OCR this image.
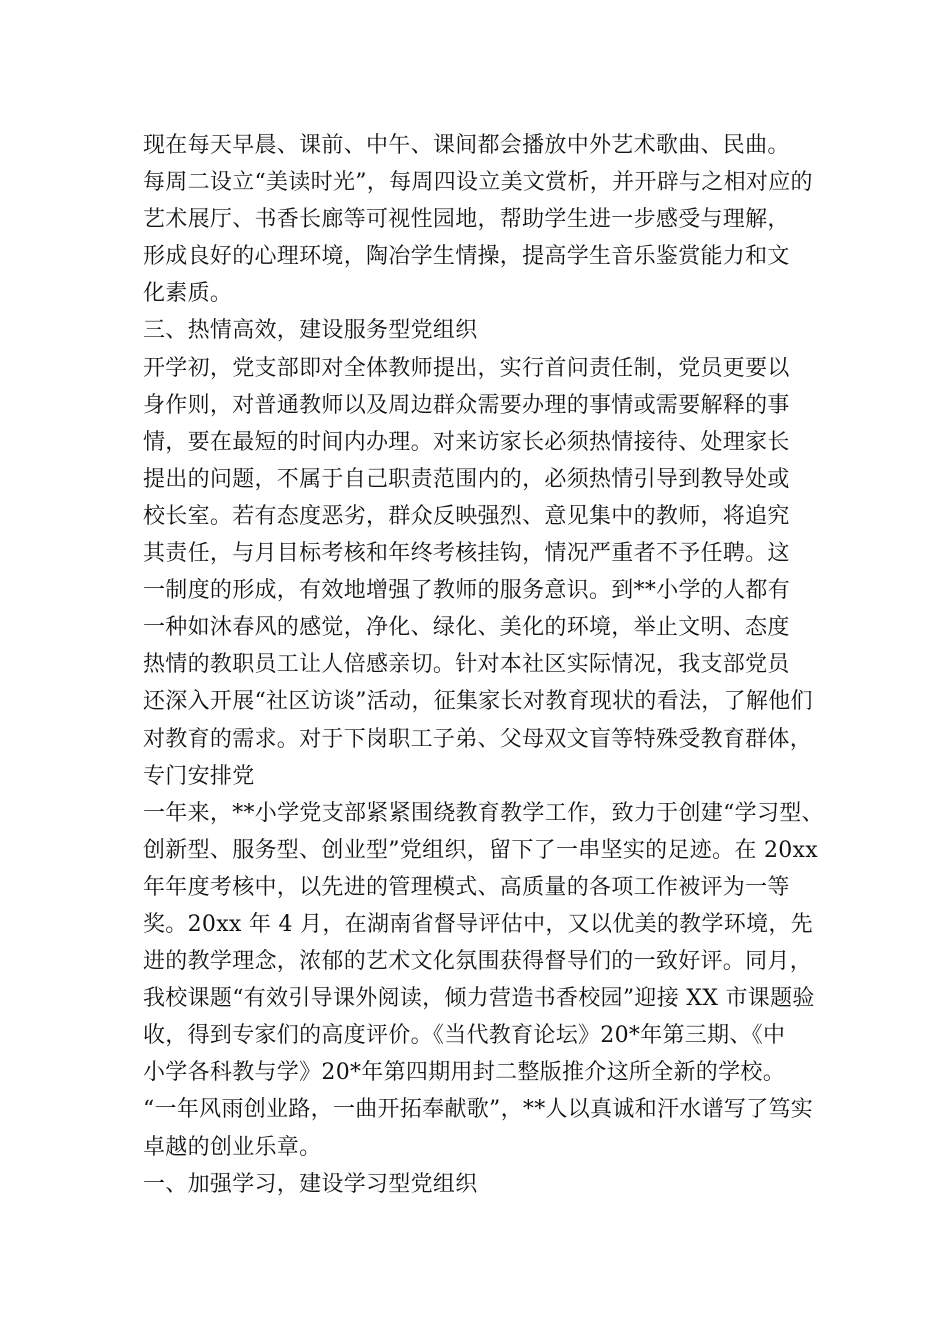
现在每天早晨、课前、中午、课间都会播放中外艺术歌曲、民曲。
每周二设立“美读时光”，每周四设立美文赏析，并开辟与之相对应的
艺术展厅、书香长廊等可视性园地，帮助学生进一步感受与理解，
形成良好的心理环境，陶冶学生情操，提高学生音乐鉴赏能力和文
化素质。
三、热情高效，建设服务型党组织
开学初，党支部即对全体教师提出，实行首问责任制，党员更要以
身作则，对普通教师以及周边群众需要办理的事情或需要解释的事
情，要在最短的时间内办理。对来访家长必须热情接待、处理家长
提出的问题，不属于自己职责范围内的，必须热情引导到教导处或
校长室。若有态度恶劣，群众反映强烈、意见集中的教师，将追究
其责任，与月目标考核和年终考核挂钩，情况严重者不予任聘。这
一制度的形成，有效地增强了教师的服务意识。到**小学的人都有
一种如沐春风的感觉，净化、绿化、美化的环境，举止文明、态度
热情的教职员工让人倍感亲切。针对本社区实际情况，我支部党员
还深入开展“社区访谈”活动，征集家长对教育现状的看法，了解他们
对教育的需求。对于下岗职工子弟、父母双文盲等特殊受教育群体，
专门安排党
一年来，**小学党支部紧紧围绕教育教学工作，致力于创建“学习型、
创新型、服务型、创业型”党组织，留下了一串坚实的足迹。在 20xx
年年度考核中，以先进的管理模式、高质量的各项工作被评为一等
奖。20xx 年 4 月，在湖南省督导评估中，又以优美的教学环境，先
进的教学理念，浓郁的艺术文化氛围获得督导们的一致好评。同月，
我校课题“有效引导课外阅读，倾力营造书香校园”迎接 XX 市课题验
收，得到专家们的高度评价。《当代教育论坛》20*年第三期、《中
小学各科教与学》20*年第四期用封二整版推介这所全新的学校。
“一年风雨创业路，一曲开拓奉献歌”，**人以真诚和汗水谱写了笃实
卓越的创业乐章。
一、加强学习，建设学习型党组织
